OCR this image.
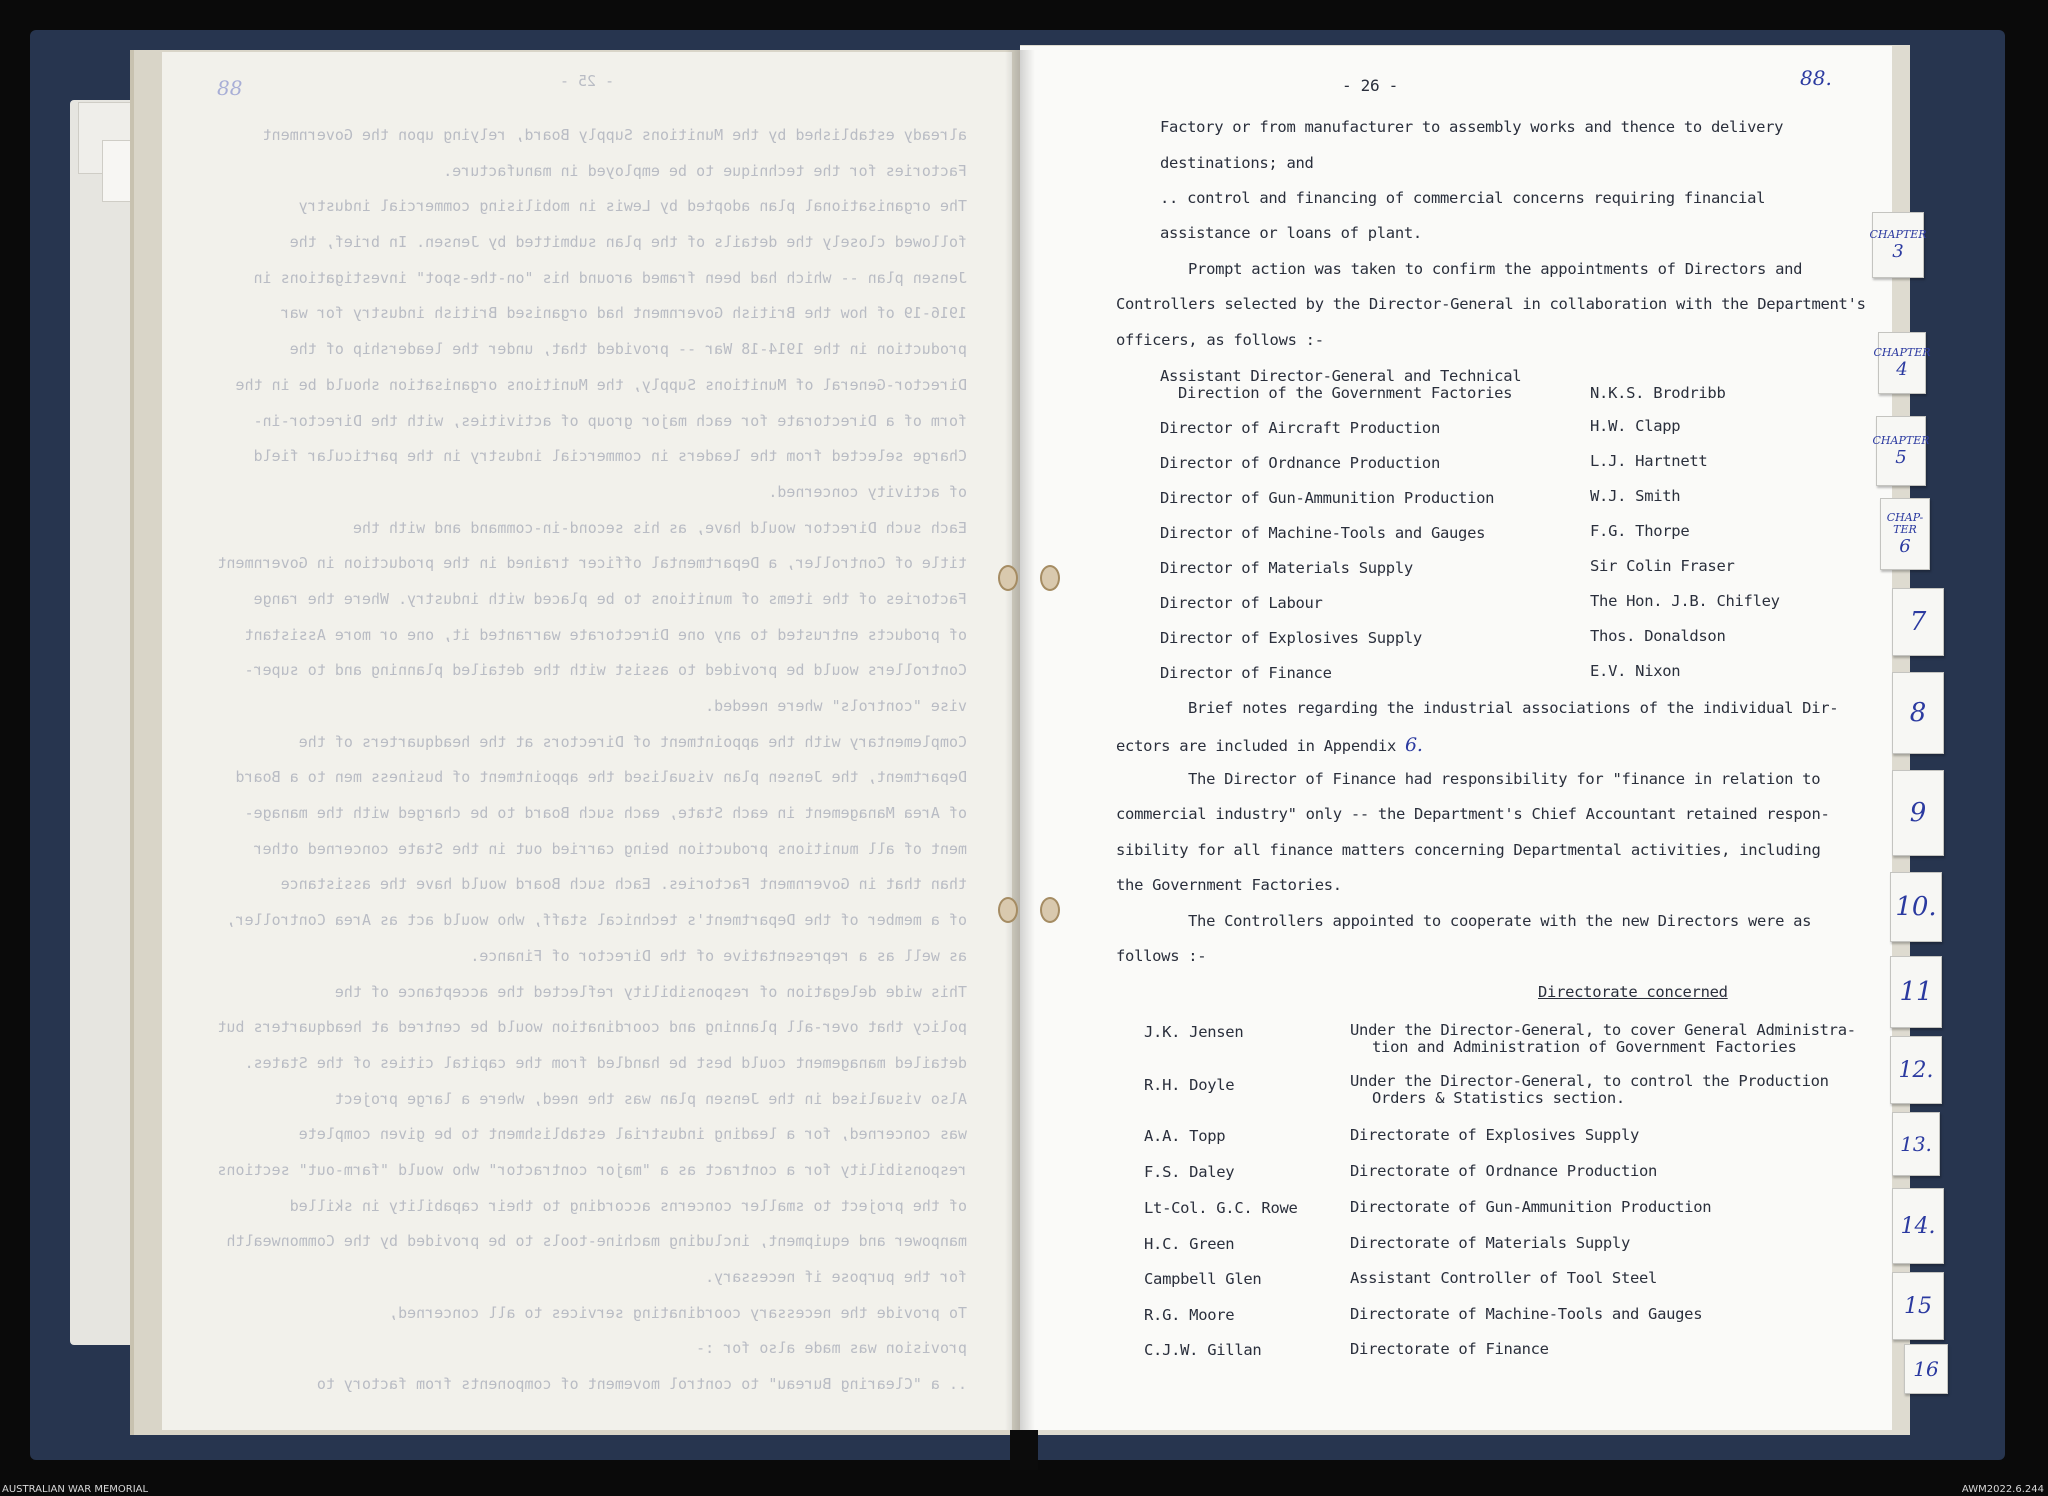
- 25 -
already established by the Munitions Supply Board, relying upon the Government
Factories for the technique to be employed in manufacture.
The organisational plan adopted by Lewis in mobilising commercial industry
followed closely the details of the plan submitted by Jensen. In brief, the
Jensen plan -- which had been framed around his "on-the-spot" investigations in
1916-19 of how the British Government had organised British industry for war
production in the 1914-18 War -- provided that, under the leadership of the
Director-General of Munitions Supply, the Munitions organisation should be in the
form of a Directorate for each major group of activities, with the Director-in-
Charge selected from the leaders in commercial industry in the particular field
of activity concerned.
Each such Director would have, as his second-in-command and with the
title of Controller, a Departmental officer trained in the production in Government
Factories of the items of munitions to be placed with industry. Where the range
of products entrusted to any one Directorate warranted it, one or more Assistant
Controllers would be provided to assist with the detailed planning and to super-
vise "controls" where needed.
Complementary with the appointment of Directors at the headquarters of the
Department, the Jensen plan visualised the appointment of business men to a Board
of Area Management in each State, each such Board to be charged with the manage-
ment of all munitions production being carried out in the State concerned other
than that in Government Factories. Each such Board would have the assistance
of a member of the Department's technical staff, who would act as Area Controller,
as well as a representative of the Director of Finance.
This wide delegation of responsibility reflected the acceptance of the
policy that over-all planning and coordination would be centred at headquarters but
detailed management could best be handled from the capital cities of the States.
Also visualised in the Jensen plan was the need, where a large project
was concerned, for a leading industrial establishment to be given complete
responsibility for a contract as a "major contractor" who would "farm-out" sections
of the project to smaller concerns according to their capability in skilled
manpower and equipment, including machine-tools to be provided by the Commonwealth
for the purpose if necessary.
To provide the necessary coordinating services to all concerned,
provision was made also for :-
.. a "Clearing Bureau" to control movement of components from factory to
88	- 26 -	88.
Factory or from manufacturer to assembly works and thence to delivery
destinations; and
.. control and financing of commercial concerns requiring financial
assistance or loans of plant.
Prompt action was taken to confirm the appointments of Directors and
Controllers selected by the Director-General in collaboration with the Department's
officers, as follows :-
Assistant Director-General and Technical
Direction of the Government Factories	N.K.S. Brodribb
Director of Aircraft Production	H.W. Clapp
Director of Ordnance Production	L.J. Hartnett
Director of Gun-Ammunition Production	W.J. Smith
Director of Machine-Tools and Gauges	F.G. Thorpe
Director of Materials Supply	Sir Colin Fraser
Director of Labour	The Hon. J.B. Chifley
Director of Explosives Supply	Thos. Donaldson
Director of Finance	E.V. Nixon
Brief notes regarding the industrial associations of the individual Dir-
ectors are included in Appendix 6.
The Director of Finance had responsibility for "finance in relation to
commercial industry" only -- the Department's Chief Accountant retained respon-
sibility for all finance matters concerning Departmental activities, including
the Government Factories.
The Controllers appointed to cooperate with the new Directors were as
follows :-
Directorate concerned
J.K. Jensen	Under the Director-General, to cover General Administra-
tion and Administration of Government Factories
R.H. Doyle	Under the Director-General, to control the Production
Orders & Statistics section.
A.A. Topp	Directorate of Explosives Supply
F.S. Daley	Directorate of Ordnance Production
Lt-Col. G.C. Rowe	Directorate of Gun-Ammunition Production
H.C. Green	Directorate of Materials Supply
Campbell Glen	Assistant Controller of Tool Steel
R.G. Moore	Directorate of Machine-Tools and Gauges
C.J.W. Gillan	Directorate of Finance
CHAPTER
3
CHAPTER
4
CHAPTER
5
CHAP-TER
6
7
8
9
10.
11
12.
13.
14.
15
16
AUSTRALIAN WAR MEMORIAL	AWM2022.6.244
